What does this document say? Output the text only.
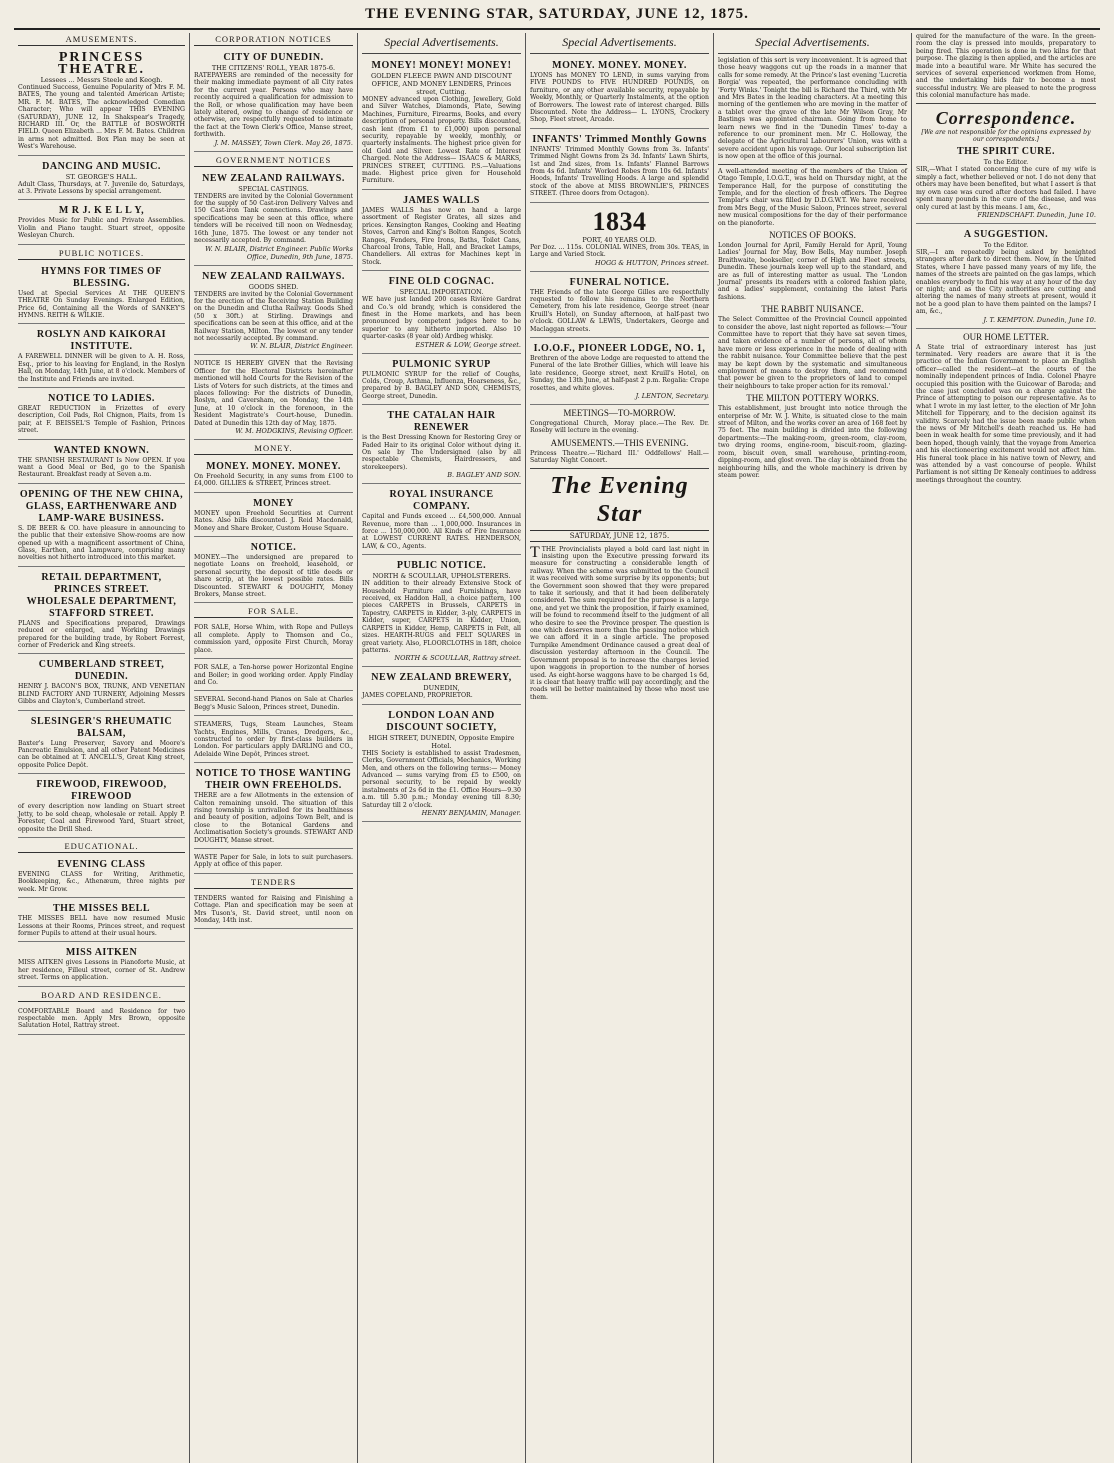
THE EVENING STAR, SATURDAY, JUNE 12, 1875.
AMUSEMENTS.
PRINCESS THEATRE.
Lessees ... Messrs Steele and Keogh.
Continued Success, Genuine Popularity of Mrs F. M. BATES, The young and talented American Artiste; MR. F. M. BATES, The acknowledged Comedian Character; Who will appear THIS EVENING (SATURDAY), JUNE 12, In Shakspear's Tragedy, RICHARD III. Or, the BATTLE of BOSWORTH FIELD. Queen Elizabeth ... Mrs F. M. Bates. Children in arms not admitted. Box Plan may be seen at West's Warehouse.
DANCING AND MUSIC.
ST. GEORGE'S HALL.
Adult Class, Thursdays, at 7. Juvenile do, Saturdays, at 3. Private Lessons by special arrangement.
M R J. K E L L Y,
Provides Music for Public and Private Assemblies. Violin and Piano taught. Stuart street, opposite Wesleyan Church.
PUBLIC NOTICES.
HYMNS FOR TIMES OF BLESSING.
Used at Special Services At THE QUEEN'S THEATRE On Sunday Evenings. Enlarged Edition, Price 6d, Containing all the Words of SANKEY'S HYMNS. REITH & WILKIE.
ROSLYN AND KAIKORAI INSTITUTE.
A FAREWELL DINNER will be given to A. H. Ross, Esq., prior to his leaving for England, in the Roslyn Hall, on Monday, 14th June, at 8 o'clock. Members of the Institute and Friends are invited.
NOTICE TO LADIES.
GREAT REDUCTION in Frizettes of every description, Coil Pads, Rol Chignon, Plaits, from 1s pair, at F. BEISSEL'S Temple of Fashion, Princes street.
WANTED KNOWN.
THE SPANISH RESTAURANT Is Now OPEN. If you want a Good Meal or Bed, go to the Spanish Restaurant. Breakfast ready at Seven a.m.
OPENING OF THE NEW CHINA, GLASS, EARTHENWARE AND LAMP-WARE BUSINESS.
S. DE BEER & CO. have pleasure in announcing to the public that their extensive Show-rooms are now opened up with a magnificent assortment of China, Glass, Earthen, and Lampware, comprising many novelties not hitherto introduced into this market.
RETAIL DEPARTMENT, PRINCES STREET. WHOLESALE DEPARTMENT, STAFFORD STREET.
PLANS and Specifications prepared, Drawings reduced or enlarged, and Working Drawings prepared for the building trade, by Robert Forrest, corner of Frederick and King streets.
CUMBERLAND STREET, DUNEDIN.
HENRY J. BACON'S BOX, TRUNK, AND VENETIAN BLIND FACTORY AND TURNERY, Adjoining Messrs Gibbs and Clayton's, Cumberland street.
SLESINGER'S RHEUMATIC BALSAM,
Baxter's Lung Preserver, Savory and Moore's Pancreatic Emulsion, and all other Patent Medicines can be obtained at T. ANCELL'S, Great King street, opposite Police Depôt.
FIREWOOD, FIREWOOD, FIREWOOD
of every description now landing on Stuart street Jetty, to be sold cheap, wholesale or retail. Apply P. Forester, Coal and Firewood Yard, Stuart street, opposite the Drill Shed.
EDUCATIONAL.
EVENING CLASS
EVENING CLASS for Writing, Arithmetic, Bookkeeping, &c., Athenæum, three nights per week. Mr Grow.
THE MISSES BELL
THE MISSES BELL have now resumed Music Lessons at their Rooms, Princes street, and request former Pupils to attend at their usual hours.
MISS AITKEN
MISS AITKEN gives Lessons in Pianoforte Music, at her residence, Filleul street, corner of St. Andrew street. Terms on application.
BOARD AND RESIDENCE.
COMFORTABLE Board and Residence for two respectable men. Apply Mrs Brown, opposite Salutation Hotel, Rattray street.
CORPORATION NOTICES
CITY OF DUNEDIN.
THE CITIZENS' ROLL, YEAR 1875-6.
RATEPAYERS are reminded of the necessity for their making immediate payment of all City rates for the current year. Persons who may have recently acquired a qualification for admission to the Roll, or whose qualification may have been lately altered, owing to change of residence or otherwise, are respectfully requested to intimate the fact at the Town Clerk's Office, Manse street, forthwith.
J. M. MASSEY, Town Clerk. May 26, 1875.
GOVERNMENT NOTICES
NEW ZEALAND RAILWAYS.
SPECIAL CASTINGS.
TENDERS are invited by the Colonial Government for the supply of 50 Cast-iron Delivery Valves and 150 Cast-iron Tank connections. Drawings and specifications may be seen at this office, where tenders will be received till noon on Wednesday, 16th June, 1875. The lowest or any tender not necessarily accepted. By command.
W. N. BLAIR, District Engineer. Public Works Office, Dunedin, 9th June, 1875.
NEW ZEALAND RAILWAYS.
GOODS SHED.
TENDERS are invited by the Colonial Government for the erection of the Receiving Station Building on the Dunedin and Clutha Railway. Goods Shed (50 x 30ft.) at Stirling. Drawings and specifications can be seen at this office, and at the Railway Station, Milton. The lowest or any tender not necessarily accepted. By command.
W. N. BLAIR, District Engineer.
NOTICE IS HEREBY GIVEN that the Revising Officer for the Electoral Districts hereinafter mentioned will hold Courts for the Revision of the Lists of Voters for such districts, at the times and places following: For the districts of Dunedin, Roslyn, and Caversham, on Monday, the 14th June, at 10 o'clock in the forenoon, in the Resident Magistrate's Court-house, Dunedin. Dated at Dunedin this 12th day of May, 1875.
W. M. HODGKINS, Revising Officer.
MONEY.
MONEY. MONEY. MONEY.
On Freehold Security, in any sums from £100 to £4,000. GILLIES & STREET, Princes street.
MONEY
MONEY upon Freehold Securities at Current Rates. Also bills discounted. J. Reid Macdonald, Money and Share Broker, Custom House Square.
NOTICE.
MONEY.—The undersigned are prepared to negotiate Loans on freehold, leasehold, or personal security, the deposit of title deeds or share scrip, at the lowest possible rates. Bills Discounted. STEWART & DOUGHTY, Money Brokers, Manse street.
FOR SALE.
FOR SALE, Horse Whim, with Rope and Pulleys all complete. Apply to Thomson and Co., commission yard, opposite First Church, Moray place.
FOR SALE, a Ten-horse power Horizontal Engine and Boiler; in good working order. Apply Findlay and Co.
SEVERAL Second-hand Pianos on Sale at Charles Begg's Music Saloon, Princes street, Dunedin.
STEAMERS, Tugs, Steam Launches, Steam Yachts, Engines, Mills, Cranes, Dredgers, &c., constructed to order by first-class builders in London. For particulars apply DARLING and CO., Adelaide Wine Depôt, Princes street.
NOTICE TO THOSE WANTING THEIR OWN FREEHOLDS.
THERE are a few Allotments in the extension of Calton remaining unsold. The situation of this rising township is unrivalled for its healthiness and beauty of position, adjoins Town Belt, and is close to the Botanical Gardens and Acclimatisation Society's grounds. STEWART AND DOUGHTY, Manse street.
WASTE Paper for Sale, in lots to suit purchasers. Apply at office of this paper.
TENDERS
TENDERS wanted for Raising and Finishing a Cottage. Plan and specification may be seen at Mrs Tuson's, St. David street, until noon on Monday, 14th inst.
Special Advertisements.
MONEY! MONEY! MONEY!
GOLDEN FLEECE PAWN AND DISCOUNT OFFICE, AND MONEY LENDERS, Princes street, Cutting.
MONEY advanced upon Clothing, Jewellery, Gold and Silver Watches, Diamonds, Plate, Sewing Machines, Furniture, Firearms, Books, and every description of personal property. Bills discounted, cash lent (from £1 to £1,000) upon personal security, repayable by weekly, monthly, or quarterly instalments. The highest price given for old Gold and Silver. Lowest Rate of Interest Charged. Note the Address— ISAACS & MARKS, PRINCES STREET, CUTTING. P.S.—Valuations made. Highest price given for Household Furniture.
JAMES WALLS
JAMES WALLS has now on hand a large assortment of Register Grates, all sizes and prices. Kensington Ranges, Cooking and Heating Stoves, Carron and King's Bolton Ranges, Scotch Ranges, Fenders, Fire Irons, Baths, Toilet Cans, Charcoal Irons, Table, Hall, and Bracket Lamps, Chandeliers. All extras for Machines kept in Stock.
FINE OLD COGNAC.
SPECIAL IMPORTATION.
WE have just landed 200 cases Rivière Gardrat and Co.'s old brandy, which is considered the finest in the Home markets, and has been pronounced by competent judges here to be superior to any hitherto imported. Also 10 quarter-casks (8 year old) Ardbeg whisky.
ESTHER & LOW, George street.
PULMONIC SYRUP
PULMONIC SYRUP for the relief of Coughs, Colds, Croup, Asthma, Influenza, Hoarseness, &c., prepared by B. BAGLEY AND SON, CHEMISTS, George street, Dunedin.
THE CATALAN HAIR RENEWER
is the Best Dressing Known for Restoring Grey or Faded Hair to its original Color without dying it. On sale by The Undersigned (also by all respectable Chemists, Hairdressers, and storekeepers).
B. BAGLEY AND SON.
ROYAL INSURANCE COMPANY.
Capital and Funds exceed ... £4,500,000. Annual Revenue, more than ... 1,000,000. Insurances in force ... 150,000,000. All Kinds of Fire Insurance at LOWEST CURRENT RATES. HENDERSON, LAW, & CO., Agents.
PUBLIC NOTICE.
NORTH & SCOULLAR, UPHOLSTERERS.
IN addition to their already Extensive Stock of Household Furniture and Furnishings, have received, ex Haddon Hall, a choice pattern, 100 pieces CARPETS in Brussels, CARPETS in Tapestry, CARPETS in Kidder, 3-ply, CARPETS in Kidder, super, CARPETS in Kidder, Union, CARPETS in Kidder, Hemp, CARPETS in Felt, all sizes. HEARTH-RUGS and FELT SQUARES in great variety. Also, FLOORCLOTHS in 18ft, choice patterns.
NORTH & SCOULLAR, Rattray street.
NEW ZEALAND BREWERY,
DUNEDIN,
JAMES COPELAND, PROPRIETOR.
LONDON LOAN AND DISCOUNT SOCIETY,
HIGH STREET, DUNEDIN, Opposite Empire Hotel.
THIS Society is established to assist Tradesmen, Clerks, Government Officials, Mechanics, Working Men, and others on the following terms:— Money Advanced — sums varying from £5 to £500, on personal security, to be repaid by weekly instalments of 2s 6d in the £1. Office Hours—9.30 a.m. till 5.30 p.m.; Monday evening till 8.30; Saturday till 2 o'clock.
HENRY BENJAMIN, Manager.
Special Advertisements.
MONEY. MONEY. MONEY.
LYONS has MONEY TO LEND, in sums varying from FIVE POUNDS to FIVE HUNDRED POUNDS, on furniture, or any other available security, repayable by Weekly, Monthly, or Quarterly Instalments, at the option of Borrowers. The lowest rate of interest charged. Bills Discounted. Note the Address— L. LYONS, Crockery Shop, Fleet street, Arcade.
INFANTS' Trimmed Monthly Gowns
INFANTS' Trimmed Monthly Gowns from 3s. Infants' Trimmed Night Gowns from 2s 3d. Infants' Lawn Shirts, 1st and 2nd sizes, from 1s. Infants' Flannel Barrows from 4s 6d. Infants' Worked Robes from 10s 6d. Infants' Hoods, Infants' Travelling Hoods. A large and splendid stock of the above at MISS BROWNLIE'S, PRINCES STREET. (Three doors from Octagon).
1834
PORT, 40 YEARS OLD.
Per Doz. ... 115s. COLONIAL WINES, from 30s. TEAS, in Large and Varied Stock.
HOGG & HUTTON, Princes street.
FUNERAL NOTICE.
THE Friends of the late George Gilles are respectfully requested to follow his remains to the Northern Cemetery, from his late residence, George street (near Kruill's Hotel), on Sunday afternoon, at half-past two o'clock. GOLLAW & LEWIS, Undertakers, George and Maclaggan streets.
I.O.O.F., PIONEER LODGE, NO. 1,
Brethren of the above Lodge are requested to attend the Funeral of the late Brother Gillies, which will leave his late residence, George street, next Kruill's Hotel, on Sunday, the 13th June, at half-past 2 p.m. Regalia: Crape rosettes, and white gloves.
J. LENTON, Secretary.
MEETINGS—TO-MORROW.
Congregational Church, Moray place.—The Rev. Dr. Roseby will lecture in the evening.
AMUSEMENTS.—THIS EVENING.
Princess Theatre.—'Richard III.' Oddfellows' Hall.—Saturday Night Concert.
The Evening Star
SATURDAY, JUNE 12, 1875.
TTHE Provincialists played a bold card last night in insisting upon the Executive pressing forward its measure for constructing a considerable length of railway. When the scheme was submitted to the Council it was received with some surprise by its opponents; but the Government soon showed that they were prepared to take it seriously, and that it had been deliberately considered. The sum required for the purpose is a large one, and yet we think the proposition, if fairly examined, will be found to recommend itself to the judgment of all who desire to see the Province prosper. The question is one which deserves more than the passing notice which we can afford it in a single article. The proposed Turnpike Amendment Ordinance caused a great deal of discussion yesterday afternoon in the Council. The Government proposal is to increase the charges levied upon waggons in proportion to the number of horses used. As eight-horse waggons have to be charged 1s 6d, it is clear that heavy traffic will pay accordingly, and the roads will be better maintained by those who most use them.
Special Advertisements.
legislation of this sort is very inconvenient. It is agreed that those heavy waggons cut up the roads in a manner that calls for some remedy. At the Prince's last evening 'Lucretia Borgia' was repeated, the performance concluding with 'Forty Winks.' Tonight the bill is Richard the Third, with Mr and Mrs Bates in the leading characters. At a meeting this morning of the gentlemen who are moving in the matter of a tablet over the grave of the late Mr Wilson Gray, Mr Bastings was appointed chairman. Going from home to learn news we find in the 'Dunedin Times' to-day a reference to our prominent men. Mr C. Holloway, the delegate of the Agricultural Labourers' Union, was with a severe accident upon his voyage. Our local subscription list is now open at the office of this journal.
A well-attended meeting of the members of the Union of Otago Temple, I.O.G.T., was held on Thursday night, at the Temperance Hall, for the purpose of constituting the Temple, and for the election of fresh officers. The Degree Templar's chair was filled by D.D.G.W.T. We have received from Mrs Begg, of the Music Saloon, Princes street, several new musical compositions for the day of their performance on the pianoforte.
NOTICES OF BOOKS.
London Journal for April, Family Herald for April, Young Ladies' Journal for May, Bow Bells, May number. Joseph Braithwaite, bookseller, corner of High and Fleet streets, Dunedin. These journals keep well up to the standard, and are as full of interesting matter as usual. The 'London Journal' presents its readers with a colored fashion plate, and a ladies' supplement, containing the latest Paris fashions.
THE RABBIT NUISANCE.
The Select Committee of the Provincial Council appointed to consider the above, last night reported as follows:—'Your Committee have to report that they have sat seven times, and taken evidence of a number of persons, all of whom have more or less experience in the mode of dealing with the rabbit nuisance. Your Committee believe that the pest may be kept down by the systematic and simultaneous employment of means to destroy them, and recommend that power be given to the proprietors of land to compel their neighbours to take proper action for its removal.'
THE MILTON POTTERY WORKS.
This establishment, just brought into notice through the enterprise of Mr. W. J. White, is situated close to the main street of Milton, and the works cover an area of 168 feet by 75 feet. The main building is divided into the following departments:—The making-room, green-room, clay-room, two drying rooms, engine-room, biscuit-room, glazing-room, biscuit oven, small warehouse, printing-room, dipping-room, and glost oven. The clay is obtained from the neighbouring hills, and the whole machinery is driven by steam power.
quired for the manufacture of the ware. In the green-room the clay is pressed into moulds, preparatory to being fired. This operation is done in two kilns for that purpose. The glazing is then applied, and the articles are made into a beautiful ware. Mr White has secured the services of several experienced workmen from Home, and the undertaking bids fair to become a most successful industry. We are pleased to note the progress this colonial manufacture has made.
Correspondence.
[We are not responsible for the opinions expressed by our correspondents.]
THE SPIRIT CURE.
To the Editor.
SIR,—What I stated concerning the cure of my wife is simply a fact, whether believed or not. I do not deny that others may have been benefited, but what I assert is that my own case was cured after doctors had failed. I have spent many pounds in the cure of the disease, and was only cured at last by this means. I am, &c.,
FRIENDSCHAFT. Dunedin, June 10.
A SUGGESTION.
To the Editor.
SIR,—I am repeatedly being asked by benighted strangers after dark to direct them. Now, in the United States, where I have passed many years of my life, the names of the streets are painted on the gas lamps, which enables everybody to find his way at any hour of the day or night; and as the City authorities are cutting and altering the names of many streets at present, would it not be a good plan to have them painted on the lamps? I am, &c.,
J. T. KEMPTON. Dunedin, June 10.
OUR HOME LETTER.
A State trial of extraordinary interest has just terminated. Very readers are aware that it is the practice of the Indian Government to place an English officer—called the resident—at the courts of the nominally independent princes of India. Colonel Phayre occupied this position with the Guicowar of Baroda; and the case just concluded was on a charge against the Prince of attempting to poison our representative. As to what I wrote in my last letter, to the election of Mr John Mitchell for Tipperary, and to the decision against its validity. Scarcely had the issue been made public when the news of Mr Mitchell's death reached us. He had been in weak health for some time previously, and it had been hoped, though vainly, that the voyage from America and his electioneering excitement would not affect him. His funeral took place in his native town of Newry, and was attended by a vast concourse of people. Whilst Parliament is not sitting Dr Kenealy continues to address meetings throughout the country.
